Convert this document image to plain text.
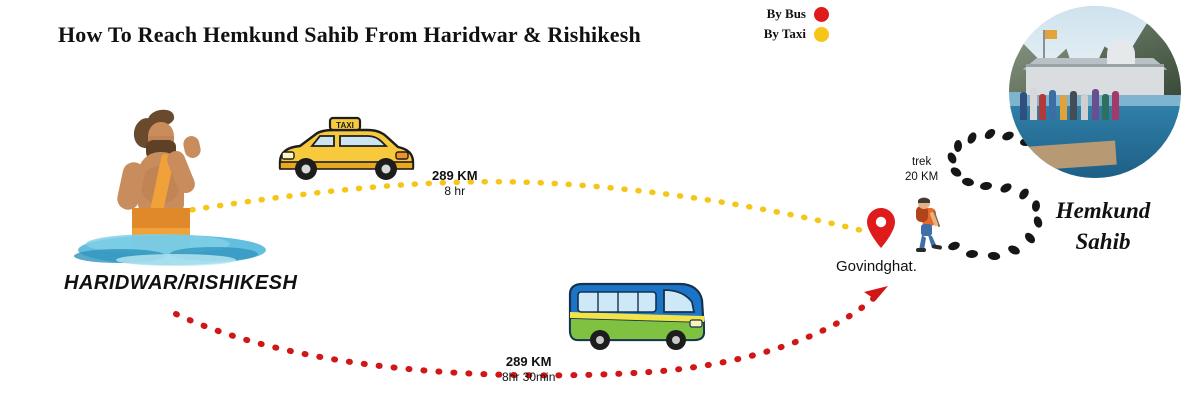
How To Reach Hemkund Sahib From Haridwar & Rishikesh
By Bus
By Taxi
289 KM
8 hr
289 KM
8hr 30min
trek
20 KM
HARIDWAR/RISHIKESH
Govindghat.
Hemkund
Sahib
TAXI
